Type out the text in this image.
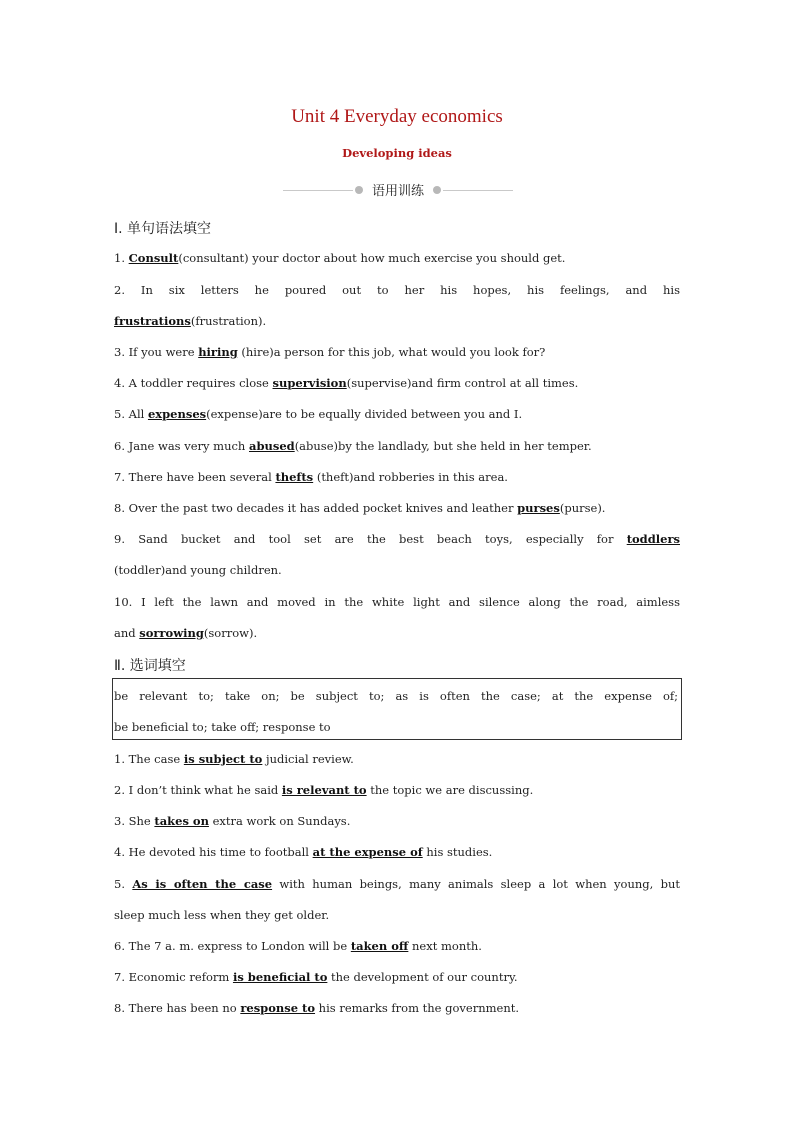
Unit 4 Everyday economics
Developing ideas
语用训练
Ⅰ. 单句语法填空
1. Consult(consultant) your doctor about how much exercise you should get.
2. In six letters he poured out to her his hopes, his feelings, and his
frustrations(frustration).
3. If you were hiring (hire)a person for this job, what would you look for?
4. A toddler requires close supervision(supervise)and firm control at all times.
5. All expenses(expense)are to be equally divided between you and I.
6. Jane was very much abused(abuse)by the landlady, but she held in her temper.
7. There have been several thefts (theft)and robberies in this area.
8. Over the past two decades it has added pocket knives and leather purses(purse).
9. Sand bucket and tool set are the best beach toys, especially for toddlers
(toddler)and young children.
10. I left the lawn and moved in the white light and silence along the road, aimless
and sorrowing(sorrow).
Ⅱ. 选词填空
be relevant to; take on; be subject to; as is often the case; at the expense of;
be beneficial to; take off; response to
1. The case is subject to judicial review.
2. I don’t think what he said is relevant to the topic we are discussing.
3. She takes on extra work on Sundays.
4. He devoted his time to football at the expense of his studies.
5. As is often the case with human beings, many animals sleep a lot when young, but
sleep much less when they get older.
6. The 7 a. m. express to London will be taken off next month.
7. Economic reform is beneficial to the development of our country.
8. There has been no response to his remarks from the government.
